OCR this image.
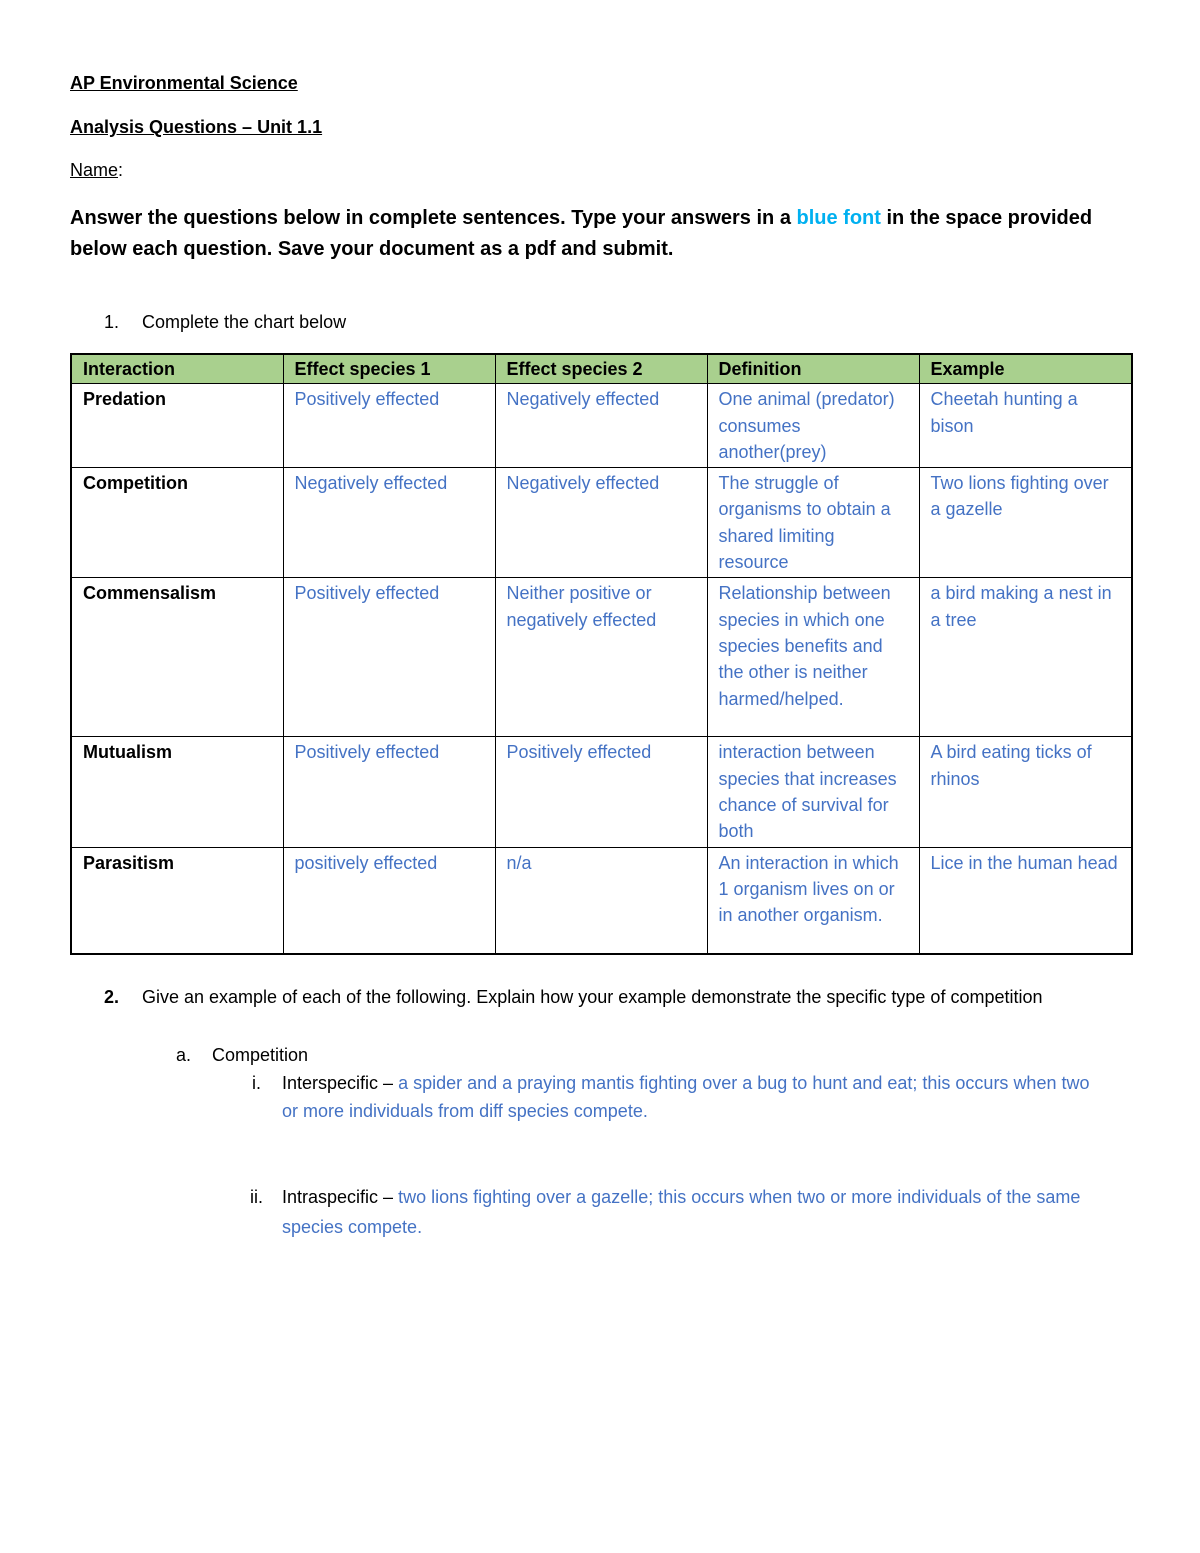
AP Environmental Science
Analysis Questions – Unit 1.1
Name:
Answer the questions below in complete sentences. Type your answers in a blue font in the space provided below each question. Save your document as a pdf and submit.
1. Complete the chart below
Interaction	Effect species 1	Effect species 2	Definition	Example
Predation	Positively effected	Negatively effected	One animal (predator) consumes another(prey)	Cheetah hunting a bison
Competition	Negatively effected	Negatively effected	The struggle of organisms to obtain a shared limiting resource	Two lions fighting over a gazelle
Commensalism	Positively effected	Neither positive or negatively effected	Relationship between species in which one species benefits and the other is neither harmed/helped.	a bird making a nest in a tree
Mutualism	Positively effected	Positively effected	interaction between species that increases chance of survival for both	A bird eating ticks of rhinos
Parasitism	positively effected	n/a	An interaction in which 1 organism lives on or in another organism.	Lice in the human head
2. Give an example of each of the following. Explain how your example demonstrate the specific type of competition
a. Competition
i. Interspecific – a spider and a praying mantis fighting over a bug to hunt and eat; this occurs when two or more individuals from diff species compete.
ii. Intraspecific – two lions fighting over a gazelle; this occurs when two or more individuals of the same species compete.
